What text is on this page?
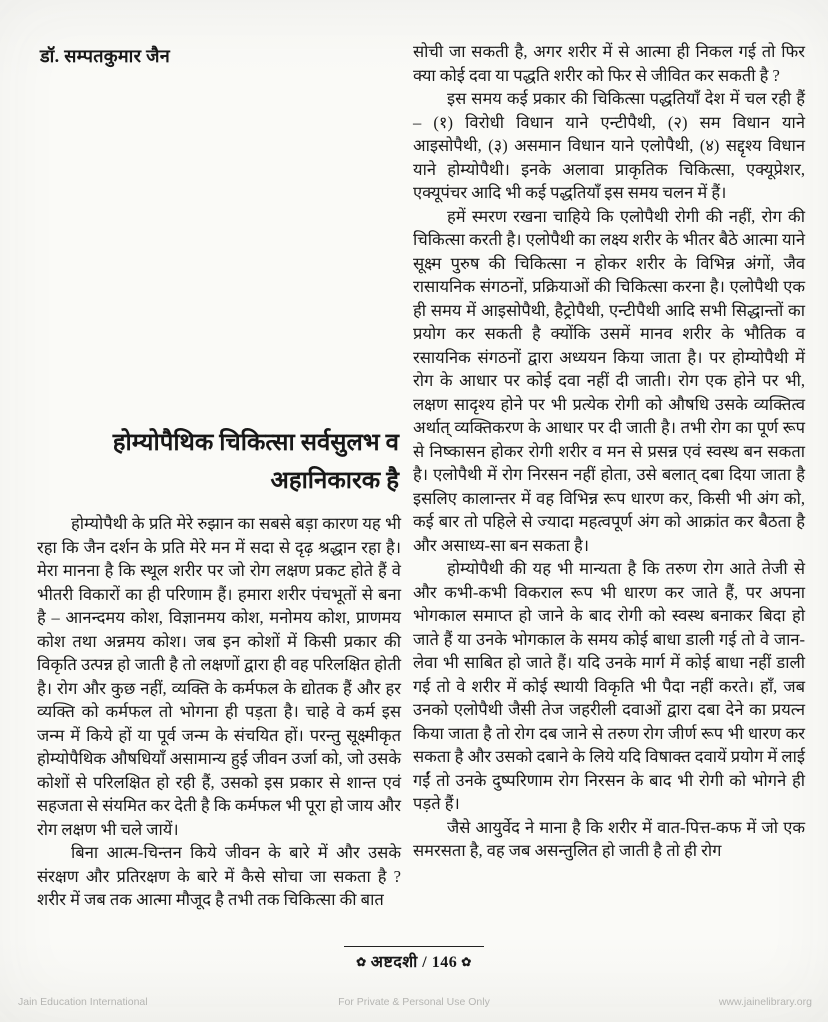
डॉ. सम्पतकुमार जैन
होम्योपैथिक चिकित्सा सर्वसुलभ व
अहानिकारक है

होम्योपैथी के प्रति मेरे रुझान का सबसे बड़ा कारण यह भी रहा कि जैन दर्शन के प्रति मेरे मन में सदा से दृढ़ श्रद्धान रहा है। मेरा मानना है कि स्थूल शरीर पर जो रोग लक्षण प्रकट होते हैं वे भीतरी विकारों का ही परिणाम हैं। हमारा शरीर पंचभूतों से बना है – आनन्दमय कोश, विज्ञानमय कोश, मनोमय कोश, प्राणमय कोश तथा अन्नमय कोश। जब इन कोशों में किसी प्रकार की विकृति उत्पन्न हो जाती है तो लक्षणों द्वारा ही वह परिलक्षित होती है। रोग और कुछ नहीं, व्यक्ति के कर्मफल के द्योतक हैं और हर व्यक्ति को कर्मफल तो भोगना ही पड़ता है। चाहे वे कर्म इस जन्म में किये हों या पूर्व जन्म के संचयित हों। परन्तु सूक्ष्मीकृत होम्योपैथिक औषधियाँ असामान्य हुई जीवन उर्जा को, जो उसके कोशों से परिलक्षित हो रही हैं, उसको इस प्रकार से शान्त एवं सहजता से संयमित कर देती है कि कर्मफल भी पूरा हो जाय और रोग लक्षण भी चले जायें।

बिना आत्म-चिन्तन किये जीवन के बारे में और उसके संरक्षण और प्रतिरक्षण के बारे में कैसे सोचा जा सकता है ? शरीर में जब तक आत्मा मौजूद है तभी तक चिकित्सा की बात

सोची जा सकती है, अगर शरीर में से आत्मा ही निकल गई तो फिर क्या कोई दवा या पद्धति शरीर को फिर से जीवित कर सकती है ?

इस समय कई प्रकार की चिकित्सा पद्धतियाँ देश में चल रही हैं – (१) विरोधी विधान याने एन्टीपैथी, (२) सम विधान याने आइसोपैथी, (३) असमान विधान याने एलोपैथी, (४) सद्दृश्य विधान याने होम्योपैथी। इनके अलावा प्राकृतिक चिकित्सा, एक्यूप्रेशर, एक्यूपंचर आदि भी कई पद्धतियाँ इस समय चलन में हैं।

हमें स्मरण रखना चाहिये कि एलोपैथी रोगी की नहीं, रोग की चिकित्सा करती है। एलोपैथी का लक्ष्य शरीर के भीतर बैठे आत्मा याने सूक्ष्म पुरुष की चिकित्सा न होकर शरीर के विभिन्न अंगों, जैव रासायनिक संगठनों, प्रक्रियाओं की चिकित्सा करना है। एलोपैथी एक ही समय में आइसोपैथी, हैट्रोपैथी, एन्टीपैथी आदि सभी सिद्धान्तों का प्रयोग कर सकती है क्योंकि उसमें मानव शरीर के भौतिक व रसायनिक संगठनों द्वारा अध्ययन किया जाता है। पर होम्योपैथी में रोग के आधार पर कोई दवा नहीं दी जाती। रोग एक होने पर भी, लक्षण सादृश्य होने पर भी प्रत्येक रोगी को औषधि उसके व्यक्तित्व अर्थात् व्यक्तिकरण के आधार पर दी जाती है। तभी रोग का पूर्ण रूप से निष्कासन होकर रोगी शरीर व मन से प्रसन्न एवं स्वस्थ बन सकता है। एलोपैथी में रोग निरसन नहीं होता, उसे बलात् दबा दिया जाता है इसलिए कालान्तर में वह विभिन्न रूप धारण कर, किसी भी अंग को, कई बार तो पहिले से ज्यादा महत्वपूर्ण अंग को आक्रांत कर बैठता है और असाध्य-सा बन सकता है।

होम्योपैथी की यह भी मान्यता है कि तरुण रोग आते तेजी से और कभी-कभी विकराल रूप भी धारण कर जाते हैं, पर अपना भोगकाल समाप्त हो जाने के बाद रोगी को स्वस्थ बनाकर बिदा हो जाते हैं या उनके भोगकाल के समय कोई बाधा डाली गई तो वे जान-लेवा भी साबित हो जाते हैं। यदि उनके मार्ग में कोई बाधा नहीं डाली गई तो वे शरीर में कोई स्थायी विकृति भी पैदा नहीं करते। हाँ, जब उनको एलोपैथी जैसी तेज जहरीली दवाओं द्वारा दबा देने का प्रयत्न किया जाता है तो रोग दब जाने से तरुण रोग जीर्ण रूप भी धारण कर सकता है और उसको दबाने के लिये यदि विषाक्त दवायें प्रयोग में लाई गईं तो उनके दुष्परिणाम रोग निरसन के बाद भी रोगी को भोगने ही पड़ते हैं।

जैसे आयुर्वेद ने माना है कि शरीर में वात-पित्त-कफ में जो एक समरसता है, वह जब असन्तुलित हो जाती है तो ही रोग

✿ अष्टदशी / 146 ✿
Jain Education International	For Private & Personal Use Only	www.jainelibrary.org
